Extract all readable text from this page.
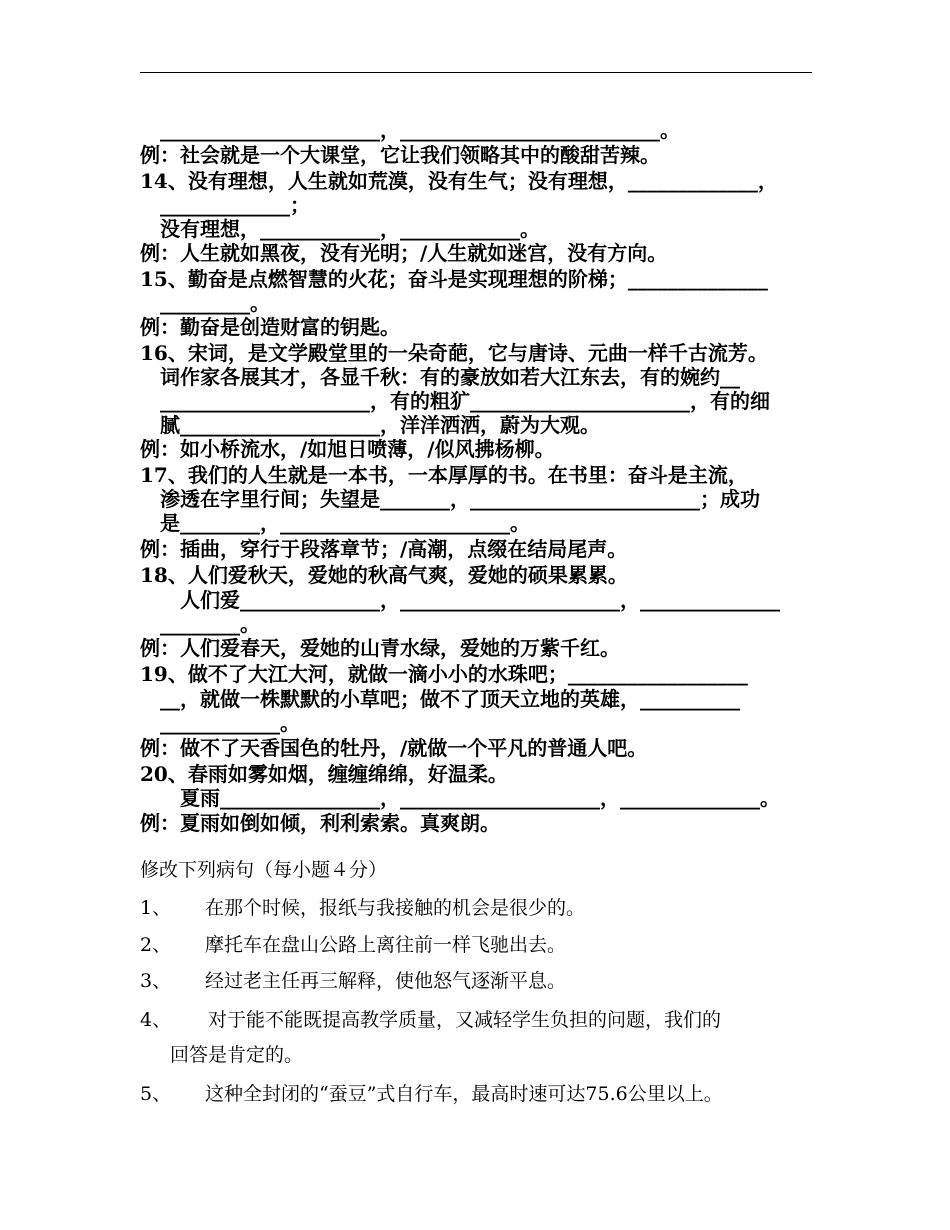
　______________________，__________________________。
例：社会就是一个大课堂，它让我们领略其中的酸甜苦辣。
14、没有理想，人生就如荒漠，没有生气；没有理想，_____________，
　_____________；
　没有理想，____________，____________。
例：人生就如黑夜，没有光明；/人生就如迷宫，没有方向。
15、勤奋是点燃智慧的火花；奋斗是实现理想的阶梯；______________
　_________。
例：勤奋是创造财富的钥匙。
16、宋词，是文学殿堂里的一朵奇葩，它与唐诗、元曲一样千古流芳。
　词作家各展其才，各显千秋：有的豪放如若大江东去，有的婉约__
　_____________________，有的粗犷______________________，有的细
　腻____________________，洋洋洒洒，蔚为大观。
例：如小桥流水，/如旭日喷薄，/似风拂杨柳。
17、我们的人生就是一本书，一本厚厚的书。在书里：奋斗是主流，
　渗透在字里行间；失望是_______，_______________________；成功
　是________，_______________________。
例：插曲，穿行于段落章节；/高潮，点缀在结局尾声。
18、人们爱秋天，爱她的秋高气爽，爱她的硕果累累。
　　人们爱______________，______________________，______________
　________。
例：人们爱春天，爱她的山青水绿，爱她的万紫千红。
19、做不了大江大河，就做一滴小小的水珠吧；__________________
　__，就做一株默默的小草吧；做不了顶天立地的英雄，__________
　____________。
例：做不了天香国色的牡丹，/就做一个平凡的普通人吧。
20、春雨如雾如烟，缠缠绵绵，好温柔。
　　夏雨________________，____________________，______________。
例：夏雨如倒如倾，利利索索。真爽朗。
修改下列病句（每小题４分）
1、 在那个时候，报纸与我接触的机会是很少的。
2、 摩托车在盘山公路上离往前一样飞驰出去。
3、 经过老主任再三解释，使他怒气逐渐平息。
4、 对于能不能既提高教学质量，又减轻学生负担的问题，我们的
回答是肯定的。
5、 这种全封闭的“蚕豆”式自行车，最高时速可达75.6公里以上。
